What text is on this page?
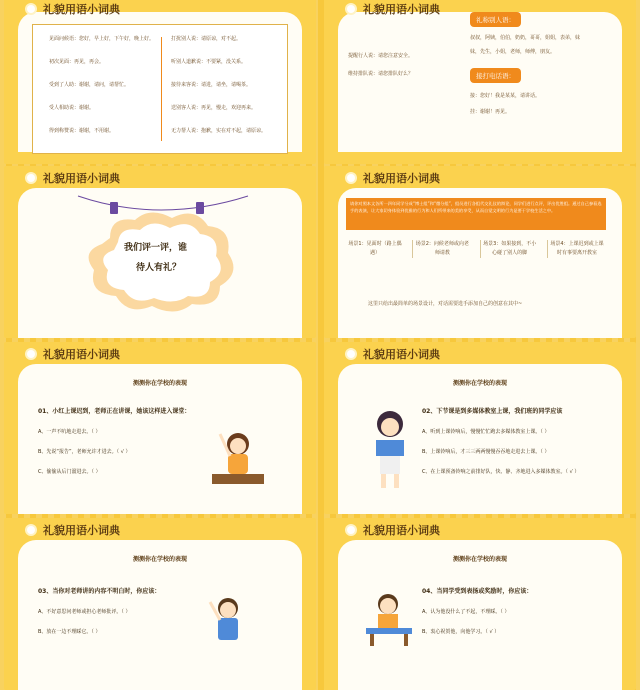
见面问候语：您好，早上好，下午好，晚上好。
初次见面：再见，再会。
受到了人助：谢谢，请问，请帮忙。
受人相助说：谢谢。
得到称赞说：谢谢，不用谢。
打扰别人说：请原谅，对不起。
听别人道歉说：不要紧，没关系。
接待来客说：请进，请坐，请喝茶。
送别客人说：再见，慢走，欢迎再来。
无力帮人说：抱歉，实在对不起，请原谅。
礼貌用语小词典
提醒行人说：请您注意安全。
维持排队说：请您排队好么？
礼称别人语：
叔叔，阿姨，伯伯，奶奶，哥哥，姐姐，表弟，妹
妹，先生，小姐，老师，师傅，朋友。
接打电话语：
接：您好！我是某某，请讲话。
挂：谢谢！再见。
礼貌用语小词典
礼貌用语小词典
我们评一评，谁
待人有礼？
礼貌用语小词典
请你对照本文各所一四年同学分成“博士组”和“微分组”，组员进行各组代交礼仪的辩论，同学们进行点评，评出优胜组。通过自己参看选手的表演，让大家切身体验到优雅的行为和人们所带来的美的享受，从而自觉文明的行为是要于学校生活之中。
场景1：见面时（路上偶遇）
场景2：问候老师或向老师请教
场景3：如果接到，不小心碰了别人的脚
场景4：上课迟到或上课时有事要离开教室
这里只给出最简单的场景设计，对话需要选手添加自己的创意在其中~
礼貌用语小词典
测测你在学校的表现
01、小红上课迟到，老师正在讲课，她该这样进入课堂：
A、一声不吭地走进去。（ ）
B、先说“报告”，老师允许才进去。（ √ ）
C、偷偷从后门溜进去。（ ）
礼貌用语小词典
测测你在学校的表现
02、下节课是到多媒体教室上课，我们班的同学应该
A、听到上课铃响后，慢慢忙忙跑去多媒体教室上课。（ ）
B、上课铃响后，才三三两两慢慢吞吞地走进去上课。（ ）
C、在上课预备铃响之前排好队，快、静、齐地进入多媒体教室。（ √ ）
礼貌用语小词典
测测你在学校的表现
03、当你对老师讲的内容不明白时，你应该：
A、不好意思问老师或担心老师批评。（ ）
B、放在一边不理睬它。（ ）
礼貌用语小词典
测测你在学校的表现
04、当同学受到表扬或奖励时，你应该：
A、认为他没什么了不起，不理睬。（ ）
B、衷心祝贺他，向他学习。（ √ ）
